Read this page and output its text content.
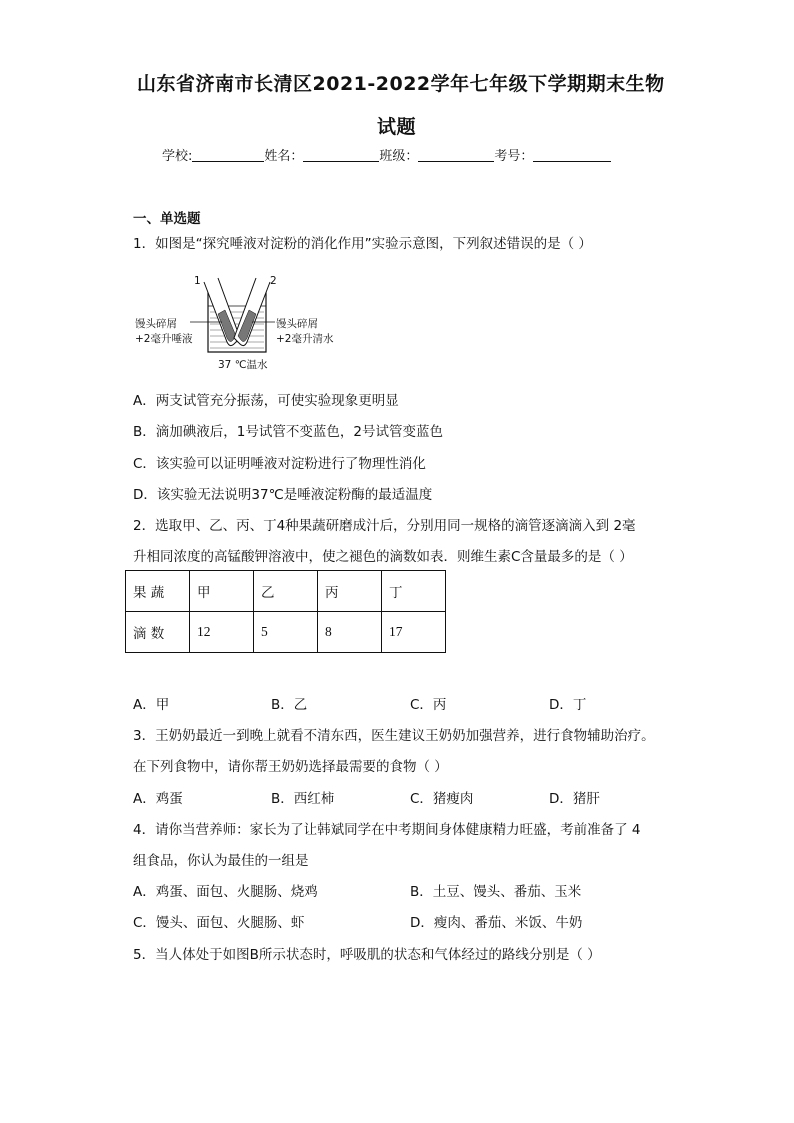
山东省济南市长清区2021-2022学年七年级下学期期末生物
试题
学校:	姓名：	班级：	考号：
一、单选题
1．如图是“探究唾液对淀粉的消化作用”实验示意图，下列叙述错误的是（ ）
1	2
馒头碎屑
+2毫升唾液
馒头碎屑
+2毫升清水
37 ℃温水
A．两支试管充分振荡，可使实验现象更明显
B．滴加碘液后，1号试管不变蓝色，2号试管变蓝色
C．该实验可以证明唾液对淀粉进行了物理性消化
D．该实验无法说明37℃是唾液淀粉酶的最适温度
2．选取甲、乙、丙、丁4种果蔬研磨成汁后，分别用同一规格的滴管逐滴滴入到 2毫
升相同浓度的高锰酸钾溶液中，使之褪色的滴数如表．则维生素C含量最多的是（ ）
果 蔬	甲	乙	丙	丁
滴 数	12	5	8	17
A．甲	B．乙	C．丙	D．丁
3．王奶奶最近一到晚上就看不清东西，医生建议王奶奶加强营养，进行食物辅助治疗。
在下列食物中，请你帮王奶奶选择最需要的食物（ ）
A．鸡蛋	B．西红柿	C．猪瘦肉	D．猪肝
4．请你当营养师：家长为了让韩斌同学在中考期间身体健康精力旺盛，考前准备了 4
组食品，你认为最佳的一组是
A．鸡蛋、面包、火腿肠、烧鸡	B．土豆、馒头、番茄、玉米
C．馒头、面包、火腿肠、虾	D．瘦肉、番茄、米饭、牛奶
5．当人体处于如图B所示状态时，呼吸肌的状态和气体经过的路线分别是（ ）
